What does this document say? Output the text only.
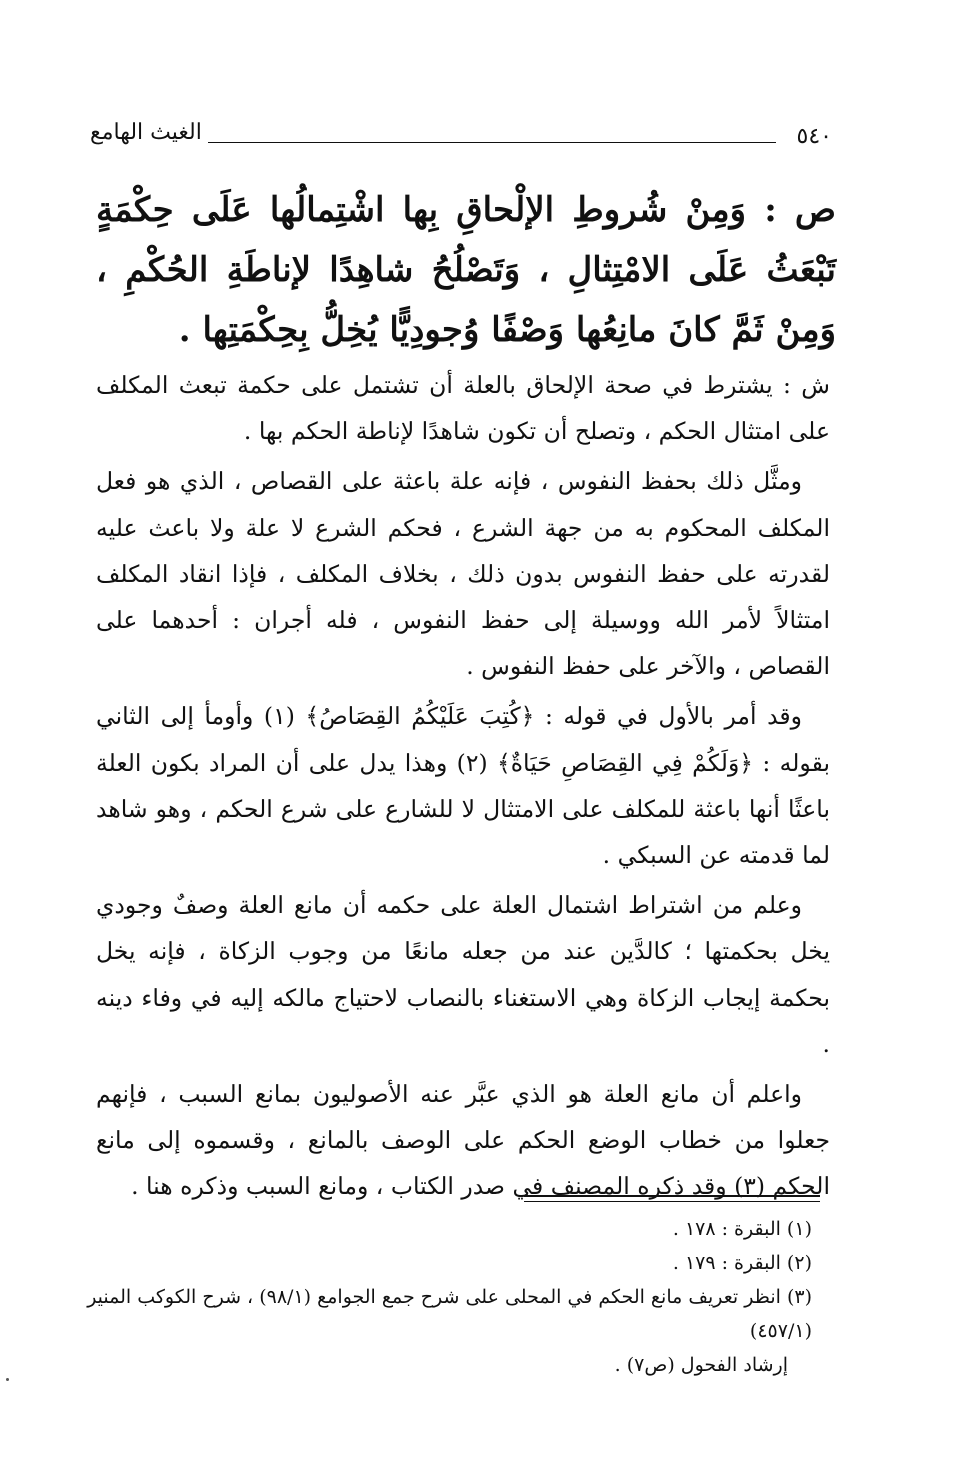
٥٤٠
الغيث الهامع
ص : وَمِنْ شُروطِ الإلْحاقِ بِها اشْتِمالُها عَلَى حِكْمَةٍ تَبْعَثُ عَلَى الامْتِثالِ ، وَتَصْلُحُ شاهِدًا لإناطَةِ الحُكْمِ ، وَمِنْ ثَمَّ كانَ مانِعُها وَصْفًا وُجودِيًّا يُخِلُّ بِحِكْمَتِها .

ش : يشترط في صحة الإلحاق بالعلة أن تشتمل على حكمة تبعث المكلف على امتثال الحكم ، وتصلح أن تكون شاهدًا لإناطة الحكم بها .

ومثَّل ذلك بحفظ النفوس ، فإنه علة باعثة على القصاص ، الذي هو فعل المكلف المحكوم به من جهة الشرع ، فحكم الشرع لا علة ولا باعث عليه لقدرته على حفظ النفوس بدون ذلك ، بخلاف المكلف ، فإذا انقاد المكلف امتثالاً لأمر الله ووسيلة إلى حفظ النفوس ، فله أجران : أحدهما على القصاص ، والآخر على حفظ النفوس .

وقد أمر بالأول في قوله : ﴿كُتِبَ عَلَيْكُمُ القِصَاصُ﴾ (١) وأومأ إلى الثاني بقوله : ﴿وَلَكُمْ فِي القِصَاصِ حَيَاةٌ﴾ (٢) وهذا يدل على أن المراد بكون العلة باعثًا أنها باعثة للمكلف على الامتثال لا للشارع على شرع الحكم ، وهو شاهد لما قدمته عن السبكي .

وعلم من اشتراط اشتمال العلة على حكمه أن مانع العلة وصفٌ وجودي يخل بحكمتها ؛ كالدَّين عند من جعله مانعًا من وجوب الزكاة ، فإنه يخل بحكمة إيجاب الزكاة وهي الاستغناء بالنصاب لاحتياج مالكه إليه في وفاء دينه .

واعلم أن مانع العلة هو الذي عبَّر عنه الأصوليون بمانع السبب ، فإنهم جعلوا من خطاب الوضع الحكم على الوصف بالمانع ، وقسموه إلى مانع الحكم (٣) وقد ذكره المصنف في صدر الكتاب ، ومانع السبب وذكره هنا .

(١) البقرة : ١٧٨ .

(٢) البقرة : ١٧٩ .

(٣) انظر تعريف مانع الحكم في المحلى على شرح جمع الجوامع (٩٨/١) ، شرح الكوكب المنير (٤٥٧/١)

إرشاد الفحول (ص٧) .
